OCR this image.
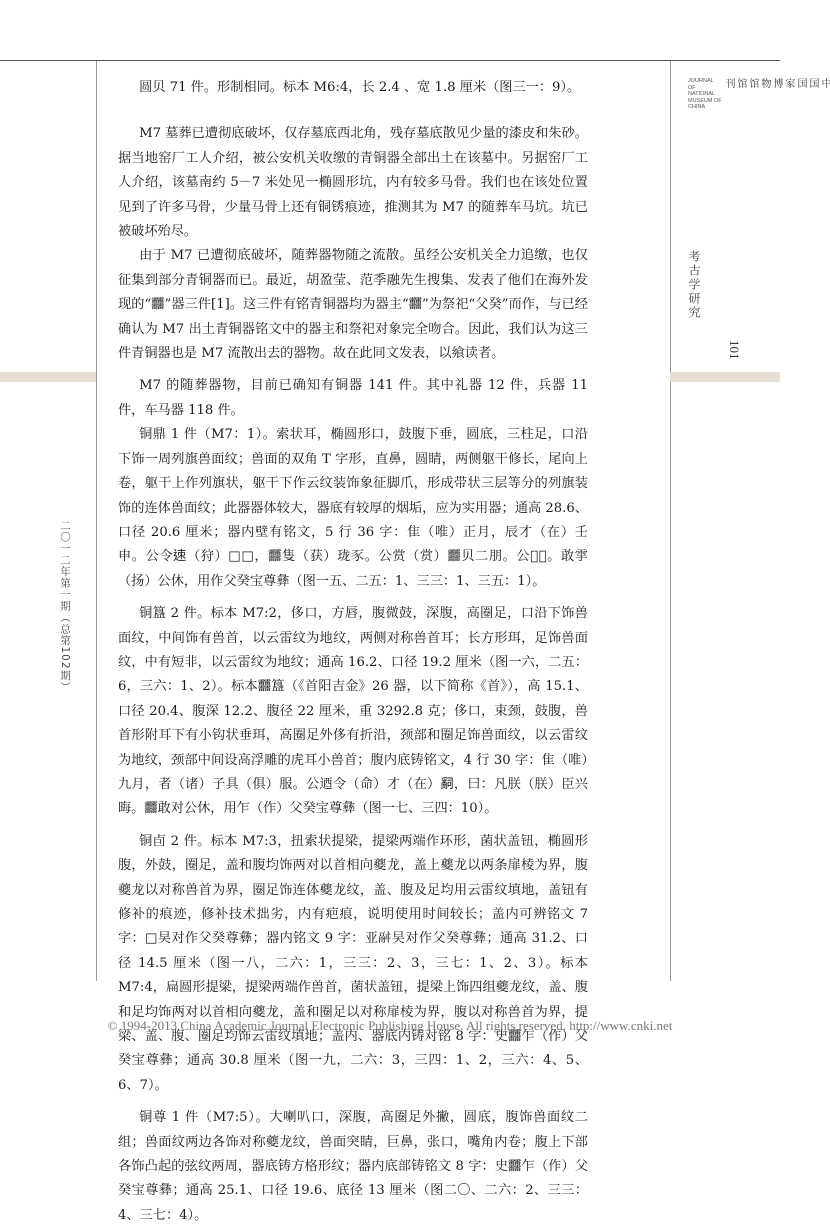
中国国家博物馆馆刊
JOURNAL OF NATIONAL MUSEUM OF CHINA
考古学研究
101
二〇一二年第一期（总第102期）

圆贝 71 件。形制相同。标本 M6:4，长 2.4 、宽 1.8 厘米（图三一：9）。

M7 墓葬已遭彻底破坏，仅存墓底西北角，残存墓底散见少量的漆皮和朱砂。据当地窑厂工人介绍，被公安机关收缴的青铜器全部出土在该墓中。另据窑厂工人介绍，该墓南约 5－7 米处见一椭圆形坑，内有较多马骨。我们也在该处位置见到了许多马骨，少量马骨上还有铜锈痕迹，推测其为 M7 的随葬车马坑。坑已被破坏殆尽。

由于 M7 已遭彻底破坏，随葬器物随之流散。虽经公安机关全力追缴，也仅征集到部分青铜器而已。最近，胡盈莹、范季融先生搜集、发表了他们在海外发现的“䨻”器三件[1]。这三件有铭青铜器均为器主“䨻”为祭祀“父癸”而作，与已经确认为 M7 出土青铜器铭文中的器主和祭祀对象完全吻合。因此，我们认为这三件青铜器也是 M7 流散出去的器物。故在此同文发表，以飨读者。

M7 的随葬器物，目前已确知有铜器 141 件。其中礼器 12 件，兵器 11 件，车马器 118 件。

铜鼎 1 件（M7：1）。索状耳，椭圆形口，鼓腹下垂，圆底，三柱足，口沿下饰一周列旗兽面纹；兽面的双角 T 字形，直鼻，圆睛，两侧躯干修长，尾向上卷，躯干上作列旗状，躯干下作云纹装饰象征脚爪，形成带状三层等分的列旗装饰的连体兽面纹；此器器体较大，器底有较厚的烟垢，应为实用器；通高 28.6、口径 20.6 厘米；器内壁有铭文，5 行 36 字：隹（唯）正月，辰才（在）壬申。公令𨒪（狩）□□，䨻隻（获）珑豕。公赏（赏）䨻贝二朋。公𦎫𤕌。敢𩁹（扬）公休，用作父癸宝尊彝（图一五、二五：1、三三：1、三五：1）。

铜簋 2 件。标本 M7:2，侈口，方唇，腹微鼓，深腹，高圈足，口沿下饰兽面纹，中间饰有兽首，以云雷纹为地纹，两侧对称兽首耳；长方形珥，足饰兽面纹，中有短非，以云雷纹为地纹；通高 16.2、口径 19.2 厘米（图一六，二五：6，三六：1、2）。标本䨻簋（《首阳吉金》26 器，以下简称《首》），高 15.1、口径 20.4、腹深 12.2、腹径 22 厘米，重 3292.8 克；侈口，束颈，鼓腹，兽首形附耳下有小钩状垂珥，高圈足外侈有折沿，颈部和圈足饰兽面纹，以云雷纹为地纹，颈部中间设高浮雕的虎耳小兽首；腹内底铸铭文，4 行 30 字：隹（唯）九月，者（诸）子具（俱）服。公迺令（命）才（在）𤔲，曰：凡朕（朕）臣兴晦。䨻敢对公休，用乍（作）父癸宝尊彝（图一七、三四：10）。

铜卣 2 件。标本 M7:3，扭索状提梁，提梁两端作环形，菌状盖钮，椭圆形腹，外鼓，圈足，盖和腹均饰两对以首相向夔龙，盖上夔龙以两条扉棱为界，腹夔龙以对称兽首为界，圈足饰连体夔龙纹，盖、腹及足均用云雷纹填地，盖钮有修补的痕迹，修补技术拙劣，内有疤痕，说明使用时间较长；盖内可辨铭文 7 字：□旲对作父癸尊彝；器内铭文 9 字：亚𩰫旲对作父癸尊彝；通高 31.2、口径 14.5 厘米（图一八，二六：1，三三：2、3，三七：1、2、3）。标本 M7:4，扁圆形提梁，提梁两端作兽首，菌状盖钮，提梁上饰四组夔龙纹，盖、腹和足均饰两对以首相向夔龙，盖和圈足以对称扉棱为界，腹以对称兽首为界，提梁、盖、腹、圈足均饰云雷纹填地；盖内、器底内铸对铭 8 字：史䨻乍（作）父癸宝尊彝；通高 30.8 厘米（图一九，二六：3，三四：1、2，三六：4、5、6、7）。

铜尊 1 件（M7:5）。大喇叭口，深腹，高圈足外撇，圆底，腹饰兽面纹二组；兽面纹两边各饰对称夔龙纹，兽面突睛，巨鼻，张口，嘴角内卷；腹上下部各饰凸起的弦纹两周，器底铸方格形纹；器内底部铸铭文 8 字：史䨻乍（作）父癸宝尊彝；通高 25.1、口径 19.6、底径 13 厘米（图二〇、二六：2、三三：4、三七：4）。

© 1994-2013 China Academic Journal Electronic Publishing House. All rights reserved. http://www.cnki.net
